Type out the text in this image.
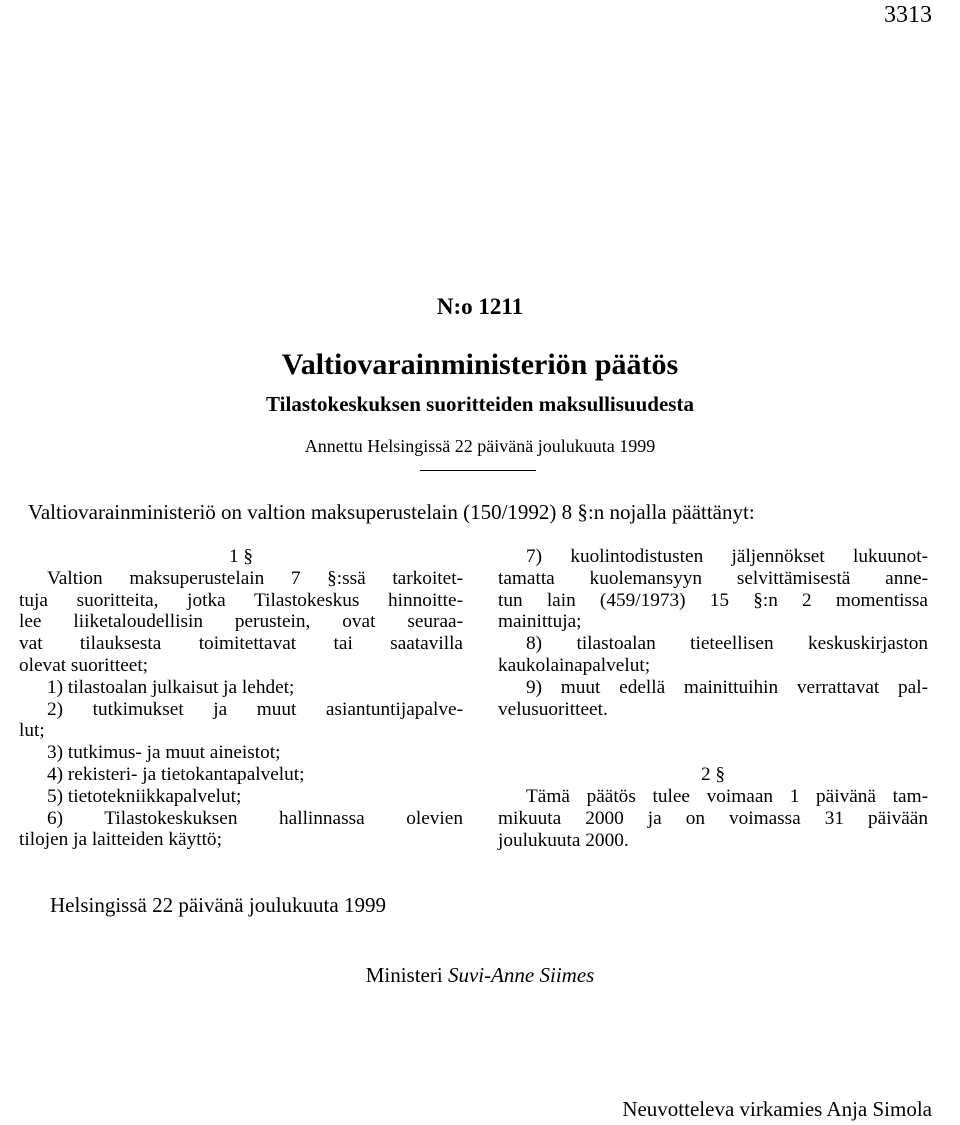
3313
N:o 1211
Valtiovarainministeriön päätös
Tilastokeskuksen suoritteiden maksullisuudesta
Annettu Helsingissä 22 päivänä joulukuuta 1999
Valtiovarainministeriö on valtion maksuperustelain (150/1992) 8 §:n nojalla päättänyt:
1 §
Valtion maksuperustelain 7 §:ssä tarkoitet-
tuja suoritteita, jotka Tilastokeskus hinnoitte-
lee liiketaloudellisin perustein, ovat seuraa-
vat tilauksesta toimitettavat tai saatavilla
olevat suoritteet;
1) tilastoalan julkaisut ja lehdet;
2) tutkimukset ja muut asiantuntijapalve-
lut;
3) tutkimus- ja muut aineistot;
4) rekisteri- ja tietokantapalvelut;
5) tietotekniikkapalvelut;
6) Tilastokeskuksen hallinnassa olevien
tilojen ja laitteiden käyttö;
7) kuolintodistusten jäljennökset lukuunot-
tamatta kuolemansyyn selvittämisestä anne-
tun lain (459/1973) 15 §:n 2 momentissa
mainittuja;
8) tilastoalan tieteellisen keskuskirjaston
kaukolainapalvelut;
9) muut edellä mainittuihin verrattavat pal-
velusuoritteet.
2 §
Tämä päätös tulee voimaan 1 päivänä tam-
mikuuta 2000 ja on voimassa 31 päivään
joulukuuta 2000.
Helsingissä 22 päivänä joulukuuta 1999
Ministeri Suvi-Anne Siimes
Neuvotteleva virkamies Anja Simola
